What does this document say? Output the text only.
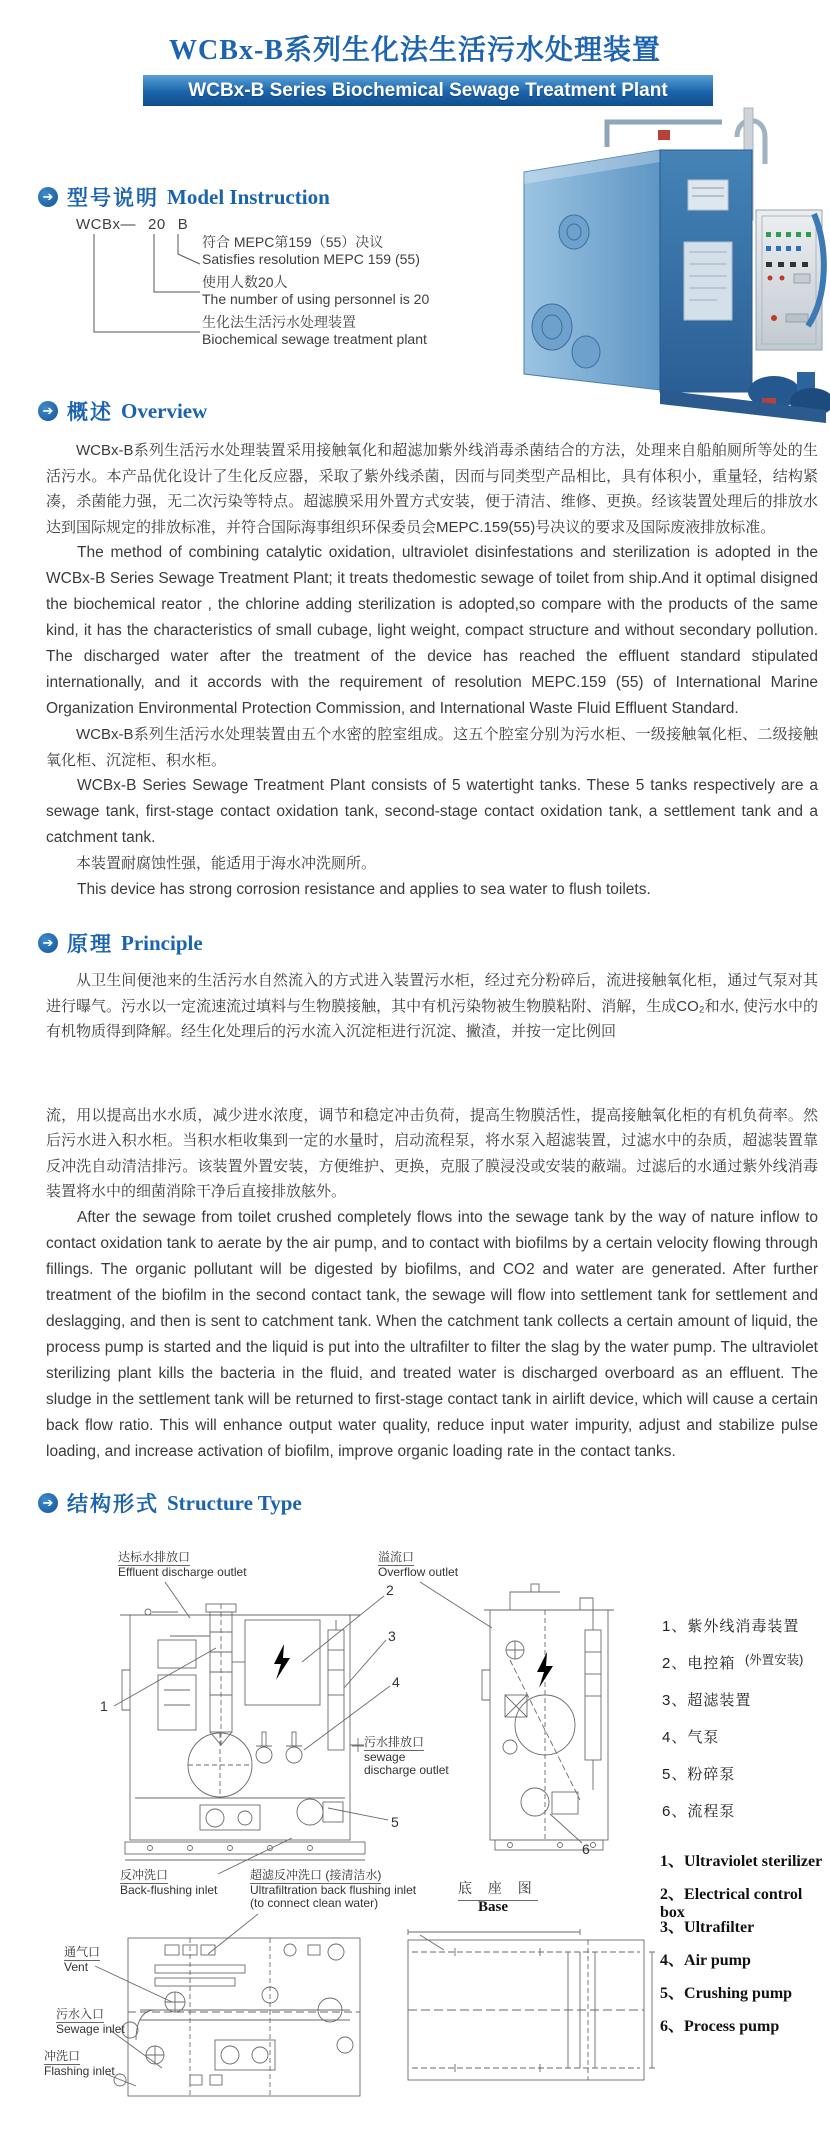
WCBx-B系列生化法生活污水处理装置
WCBx-B Series Biochemical Sewage Treatment Plant
➔ 型号说明 Model Instruction
WCBx— 20 B
符合 MEPC第159（55）决议
Satisfies resolution MEPC 159 (55)
使用人数20人
The number of using personnel is 20
生化法生活污水处理装置
Biochemical sewage treatment plant
➔ 概述 Overview

WCBx-B系列生活污水处理装置采用接触氧化和超滤加紫外线消毒杀菌结合的方法，处理来自船舶厕所等处的生活污水。本产品优化设计了生化反应器，采取了紫外线杀菌，因而与同类型产品相比，具有体积小，重量轻，结构紧凑，杀菌能力强，无二次污染等特点。超滤膜采用外置方式安装，便于清洁、维修、更换。经该装置处理后的排放水达到国际规定的排放标准，并符合国际海事组织环保委员会MEPC.159(55)号决议的要求及国际废液排放标准。

The method of combining catalytic oxidation, ultraviolet disinfestations and sterilization is adopted in the WCBx-B Series Sewage Treatment Plant; it treats thedomestic sewage of toilet from ship.And it optimal disigned the biochemical reator , the chlorine adding sterilization is adopted,so compare with the products of the same kind, it has the characteristics of small cubage, light weight, compact structure and without secondary pollution. The discharged water after the treatment of the device has reached the effluent standard stipulated internationally, and it accords with the requirement of resolution MEPC.159 (55) of International Marine Organization Environmental Protection Commission, and International Waste Fluid Effluent Standard.

WCBx-B系列生活污水处理装置由五个水密的腔室组成。这五个腔室分别为污水柜、一级接触氧化柜、二级接触氧化柜、沉淀柜、积水柜。

WCBx-B Series Sewage Treatment Plant consists of 5 watertight tanks. These 5 tanks respectively are a sewage tank, first-stage contact oxidation tank, second-stage contact oxidation tank, a settlement tank and a catchment tank.

本装置耐腐蚀性强，能适用于海水冲洗厕所。

This device has strong corrosion resistance and applies to sea water to flush toilets.

➔ 原理 Principle

从卫生间便池来的生活污水自然流入的方式进入装置污水柜，经过充分粉碎后，流进接触氧化柜，通过气泵对其进行曝气。污水以一定流速流过填料与生物膜接触，其中有机污染物被生物膜粘附、消解，生成CO₂和水, 使污水中的有机物质得到降解。经生化处理后的污水流入沉淀柜进行沉淀、撇渣，并按一定比例回

流，用以提高出水水质，减少进水浓度，调节和稳定冲击负荷，提高生物膜活性，提高接触氧化柜的有机负荷率。然后污水进入积水柜。当积水柜收集到一定的水量时，启动流程泵，将水泵入超滤装置，过滤水中的杂质，超滤装置靠反冲洗自动清洁排污。该装置外置安装，方便维护、更换，克服了膜浸没或安装的蔽端。过滤后的水通过紫外线消毒装置将水中的细菌消除干净后直接排放舷外。

After the sewage from toilet crushed completely flows into the sewage tank by the way of nature inflow to contact oxidation tank to aerate by the air pump, and to contact with biofilms by a certain velocity flowing through fillings. The organic pollutant will be digested by biofilms, and CO2 and water are generated. After further treatment of the biofilm in the second contact tank, the sewage will flow into settlement tank for settlement and deslagging, and then is sent to catchment tank. When the catchment tank collects a certain amount of liquid, the process pump is started and the liquid is put into the ultrafilter to filter the slag by the water pump. The ultraviolet sterilizing plant kills the bacteria in the fluid, and treated water is discharged overboard as an effluent. The sludge in the settlement tank will be returned to first-stage contact tank in airlift device, which will cause a certain back flow ratio. This will enhance output water quality, reduce input water impurity, adjust and stabilize pulse loading, and increase activation of biofilm, improve organic loading rate in the contact tanks.

➔ 结构形式 Structure Type
达标水排放口
Effluent discharge outlet
溢流口
Overflow outlet
污水排放口
sewage discharge outlet
反冲洗口
Back-flushing inlet
超滤反冲洗口 (接清洁水)
Ultrafiltration back flushing inlet (to connect clean water)
通气口
Vent
污水入口
Sewage inlet
冲洗口
Flashing inlet
底 座 图
Base
1
2
3
4
5
6
1、紫外线消毒装置
2、电控箱
3、超滤装置
4、气泵
5、粉碎泵
6、流程泵
(外置安装)
1、Ultraviolet sterilizer
2、Electrical control box
3、Ultrafilter
4、Air pump
5、Crushing pump
6、Process pump
